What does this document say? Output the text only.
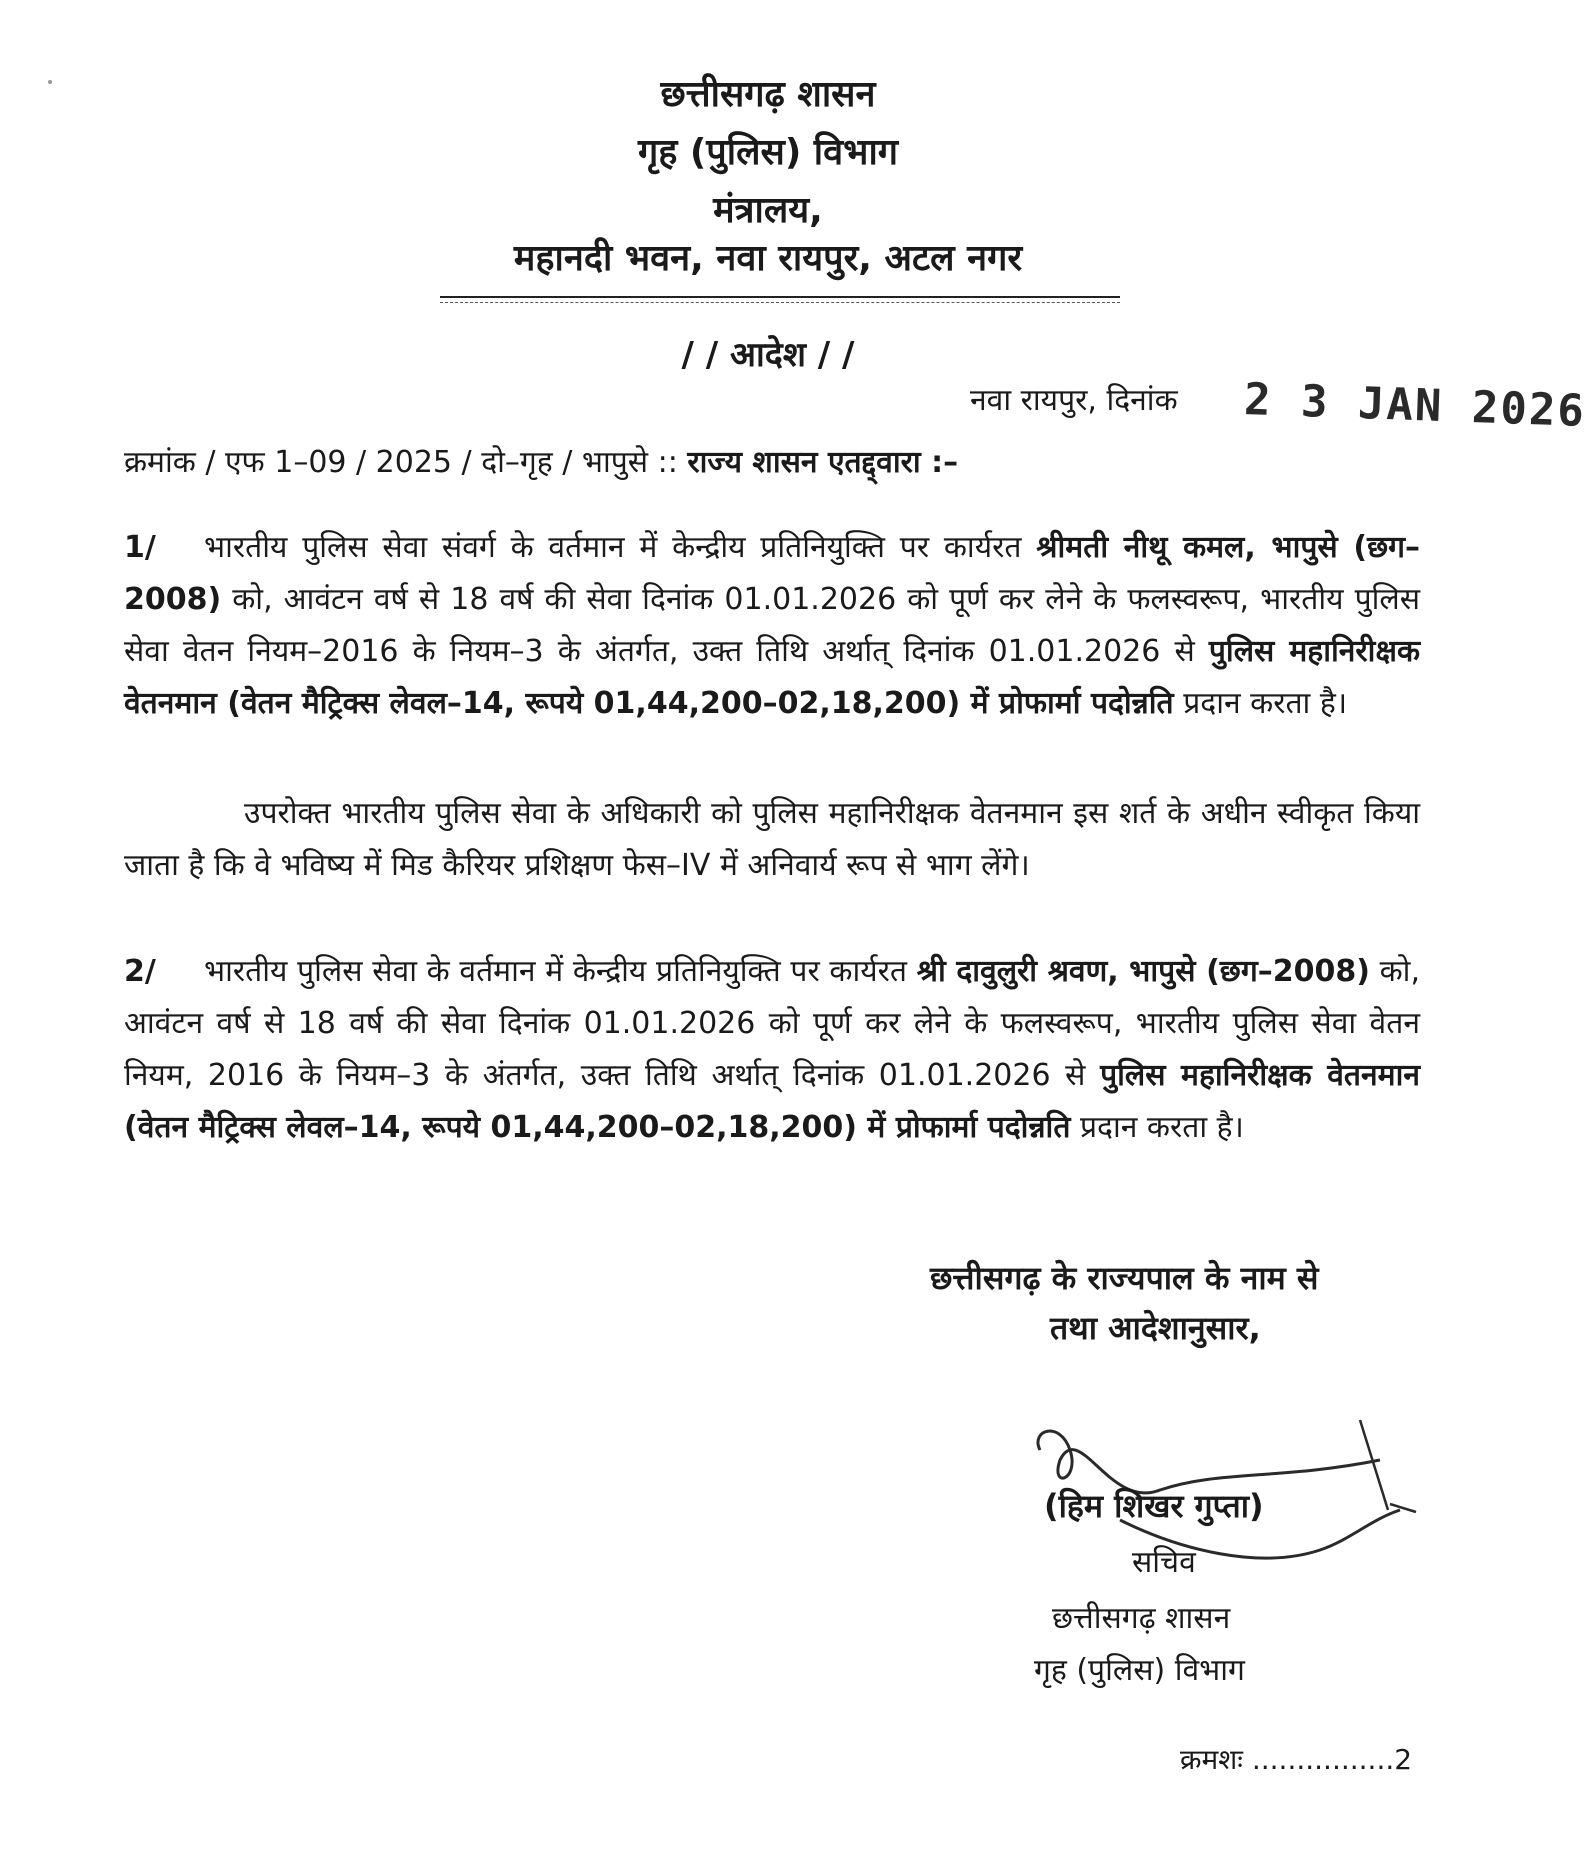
छत्तीसगढ़ शासन
गृह (पुलिस) विभाग
मंत्रालय,
महानदी भवन, नवा रायपुर, अटल नगर
/ / आदेश / /
नवा रायपुर, दिनांक 2 3 JAN 2026
क्रमांक / एफ 1–09 / 2025 / दो–गृह / भापुसे :: राज्य शासन एतद्द्वारा :–
1/ भारतीय पुलिस सेवा संवर्ग के वर्तमान में केन्द्रीय प्रतिनियुक्ति पर कार्यरत श्रीमती नीथू कमल, भापुसे (छग–2008) को, आवंटन वर्ष से 18 वर्ष की सेवा दिनांक 01.01.2026 को पूर्ण कर लेने के फलस्वरूप, भारतीय पुलिस सेवा वेतन नियम–2016 के नियम–3 के अंतर्गत, उक्त तिथि अर्थात् दिनांक 01.01.2026 से पुलिस महानिरीक्षक वेतनमान (वेतन मैट्रिक्स लेवल–14, रूपये 01,44,200–02,18,200) में प्रोफार्मा पदोन्नति प्रदान करता है।
उपरोक्त भारतीय पुलिस सेवा के अधिकारी को पुलिस महानिरीक्षक वेतनमान इस शर्त के अधीन स्वीकृत किया जाता है कि वे भविष्य में मिड कैरियर प्रशिक्षण फेस–IV में अनिवार्य रूप से भाग लेंगे।
2/ भारतीय पुलिस सेवा के वर्तमान में केन्द्रीय प्रतिनियुक्ति पर कार्यरत श्री दावुलुरी श्रवण, भापुसे (छग–2008) को, आवंटन वर्ष से 18 वर्ष की सेवा दिनांक 01.01.2026 को पूर्ण कर लेने के फलस्वरूप, भारतीय पुलिस सेवा वेतन नियम, 2016 के नियम–3 के अंतर्गत, उक्त तिथि अर्थात् दिनांक 01.01.2026 से पुलिस महानिरीक्षक वेतनमान (वेतन मैट्रिक्स लेवल–14, रूपये 01,44,200–02,18,200) में प्रोफार्मा पदोन्नति प्रदान करता है।
छत्तीसगढ़ के राज्यपाल के नाम से
तथा आदेशानुसार,
(हिम शिखर गुप्ता)
सचिव
छत्तीसगढ़ शासन
गृह (पुलिस) विभाग
क्रमशः ................2
